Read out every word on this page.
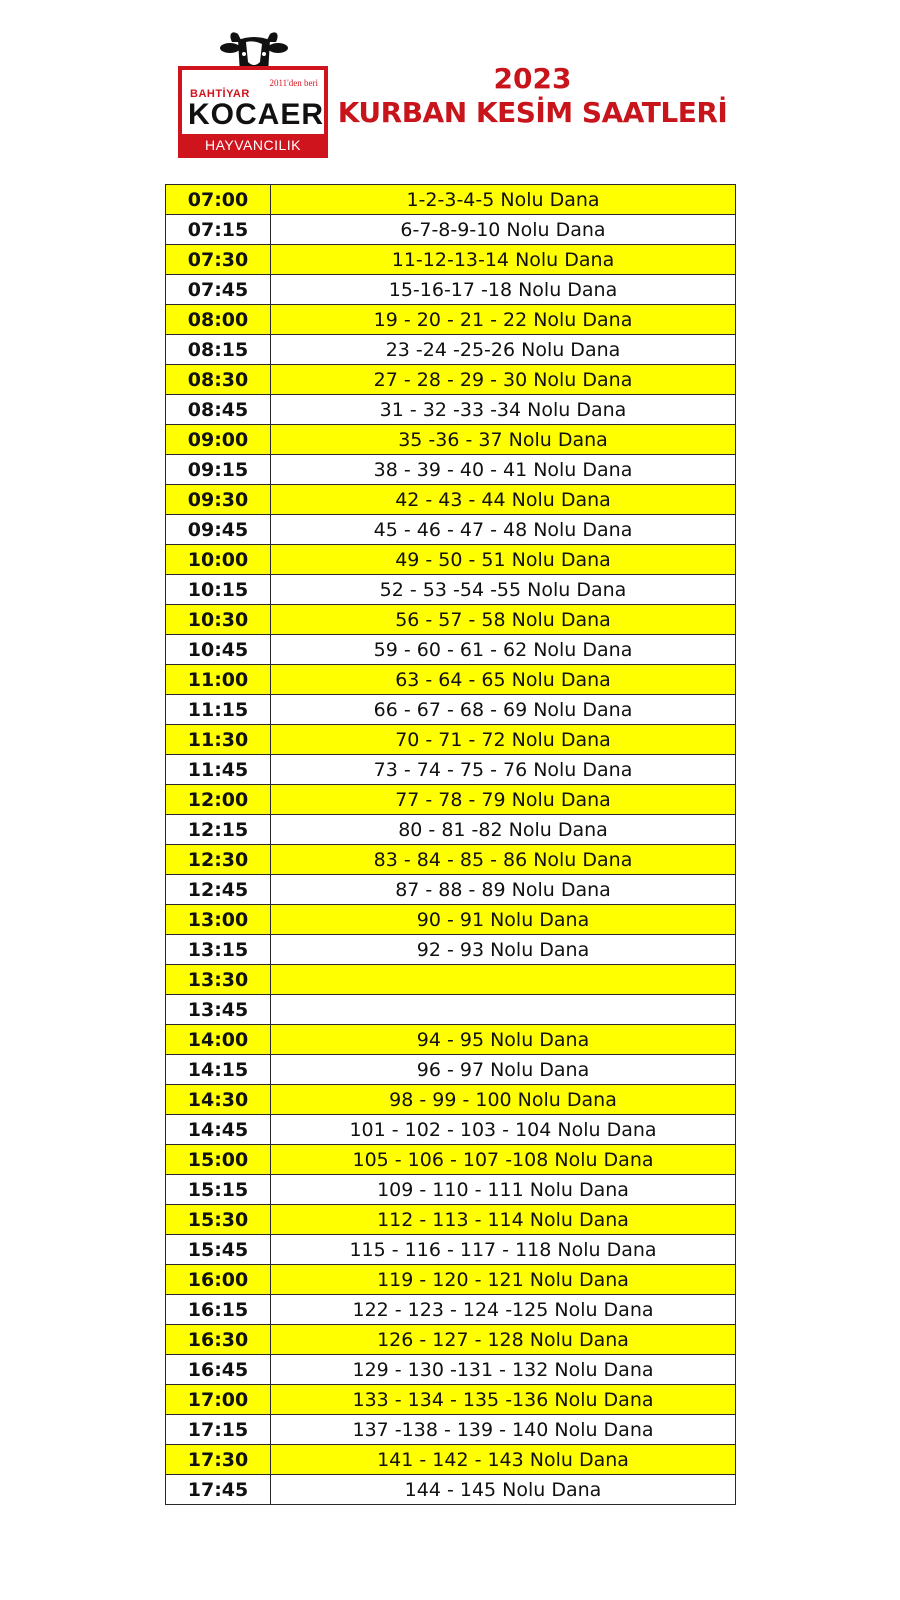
BAHTİYAR
2011'den beri
KOCAER
HAYVANCILIK
2023
KURBAN KESİM SAATLERİ
07:00	1-2-3-4-5 Nolu Dana
07:15	6-7-8-9-10 Nolu Dana
07:30	11-12-13-14 Nolu Dana
07:45	15-16-17 -18 Nolu Dana
08:00	19 - 20 - 21 - 22 Nolu Dana
08:15	23 -24 -25-26 Nolu Dana
08:30	27 - 28 - 29 - 30 Nolu Dana
08:45	31 - 32 -33 -34 Nolu Dana
09:00	35 -36 - 37 Nolu Dana
09:15	38 - 39 - 40 - 41 Nolu Dana
09:30	42 - 43 - 44 Nolu Dana
09:45	45 - 46 - 47 - 48 Nolu Dana
10:00	49 - 50 - 51 Nolu Dana
10:15	52 - 53 -54 -55 Nolu Dana
10:30	56 - 57 - 58 Nolu Dana
10:45	59 - 60 - 61 - 62 Nolu Dana
11:00	63 - 64 - 65 Nolu Dana
11:15	66 - 67 - 68 - 69 Nolu Dana
11:30	70 - 71 - 72 Nolu Dana
11:45	73 - 74 - 75 - 76 Nolu Dana
12:00	77 - 78 - 79 Nolu Dana
12:15	80 - 81 -82 Nolu Dana
12:30	83 - 84 - 85 - 86 Nolu Dana
12:45	87 - 88 - 89 Nolu Dana
13:00	90 - 91 Nolu Dana
13:15	92 - 93 Nolu Dana
13:30	
13:45	
14:00	94 - 95 Nolu Dana
14:15	96 - 97 Nolu Dana
14:30	98 - 99 - 100 Nolu Dana
14:45	101 - 102 - 103 - 104 Nolu Dana
15:00	105 - 106 - 107 -108 Nolu Dana
15:15	109 - 110 - 111 Nolu Dana
15:30	112 - 113 - 114 Nolu Dana
15:45	115 - 116 - 117 - 118 Nolu Dana
16:00	119 - 120 - 121 Nolu Dana
16:15	122 - 123 - 124 -125 Nolu Dana
16:30	126 - 127 - 128 Nolu Dana
16:45	129 - 130 -131 - 132 Nolu Dana
17:00	133 - 134 - 135 -136 Nolu Dana
17:15	137 -138 - 139 - 140 Nolu Dana
17:30	141 - 142 - 143 Nolu Dana
17:45	144 - 145 Nolu Dana
